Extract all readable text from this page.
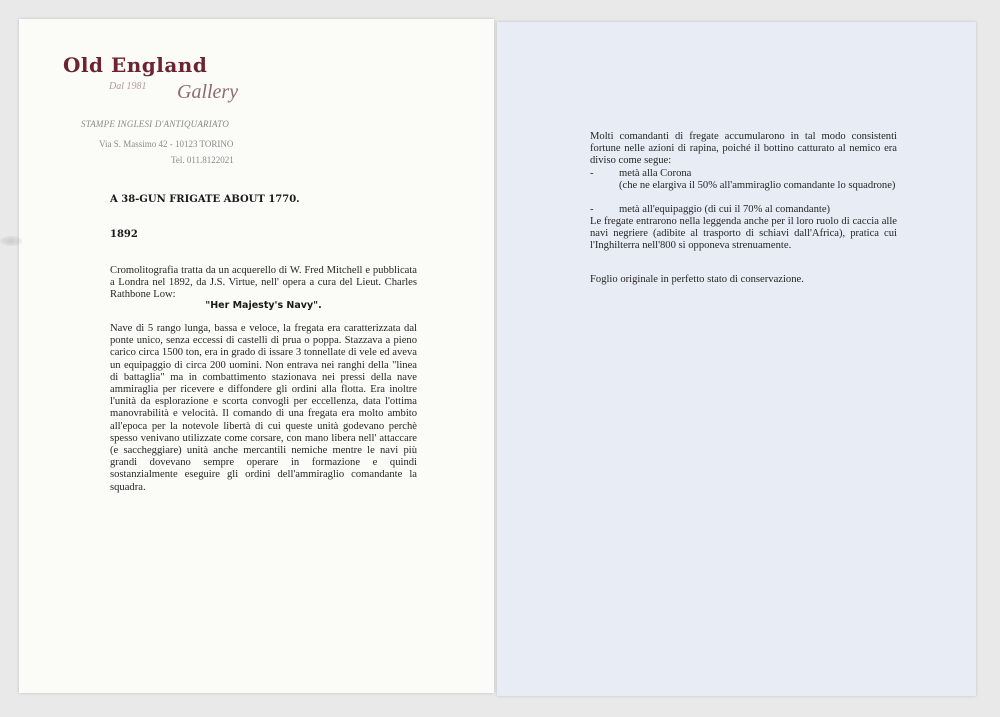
Old England
Dal 1981 Gallery
STAMPE INGLESI D'ANTIQUARIATO
Via S. Massimo 42 - 10123 TORINO
Tel. 011.8122021
A 38-GUN FRIGATE ABOUT 1770.
1892
Cromolitografia tratta da un acquerello di W. Fred Mitchell e pubblicata a Londra nel 1892, da J.S. Virtue, nell' opera a cura del Lieut. Charles Rathbone Low:
"Her Majesty's Navy".
Nave di 5 rango lunga, bassa e veloce, la fregata era caratterizzata dal ponte unico, senza eccessi di castelli di prua o poppa. Stazzava a pieno carico circa 1500 ton, era in grado di issare 3 tonnellate di vele ed aveva un equipaggio di circa 200 uomini. Non entrava nei ranghi della "linea di battaglia" ma in combattimento stazionava nei pressi della nave ammiraglia per ricevere e diffondere gli ordini alla flotta. Era inoltre l'unità da esplorazione e scorta convogli per eccellenza, data l'ottima manovrabilità e velocità. Il comando di una fregata era molto ambito all'epoca per la notevole libertà di cui queste unità godevano perchè spesso venivano utilizzate come corsare, con mano libera nell' attaccare (e saccheggiare) unità anche mercantili nemiche mentre le navi più grandi dovevano sempre operare in formazione e quindi sostanzialmente eseguire gli ordini dell'ammiraglio comandante la squadra.
Molti comandanti di fregate accumularono in tal modo consistenti fortune nelle azioni di rapina, poiché il bottino catturato al nemico era diviso come segue:
- metà alla Corona
(che ne elargiva il 50% all'ammiraglio comandante lo squadrone)
- metà all'equipaggio (di cui il 70% al comandante)
Le fregate entrarono nella leggenda anche per il loro ruolo di caccia alle navi negriere (adibite al trasporto di schiavi dall'Africa), pratica cui l'Inghilterra nell'800 si opponeva strenuamente.
Foglio originale in perfetto stato di conservazione.
